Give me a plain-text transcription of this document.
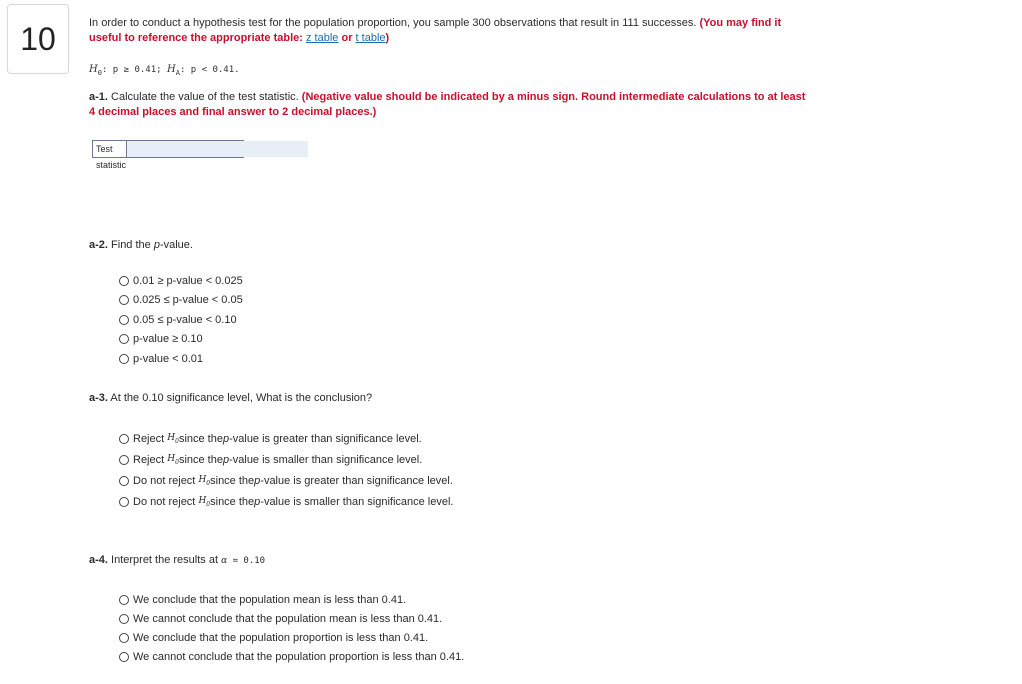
10	In order to conduct a hypothesis test for the population proportion, you sample 300 observations that result in 111 successes. (You may find it useful to reference the appropriate table: z table or t table)

$H_0$: p ≥ 0.41; $H_A$: p < 0.41.

a-1. Calculate the value of the test statistic. (Negative value should be indicated by a minus sign. Round intermediate calculations to at least 4 decimal places and final answer to 2 decimal places.)

Test statistic

a-2. Find the p-value.

0.01 ≥ p-value < 0.025
0.025 ≤ p-value < 0.05
0.05 ≤ p-value < 0.10
p-value ≥ 0.10
p-value < 0.01

a-3. At the 0.10 significance level, What is the conclusion?

Reject
$H_0$ since the p -value is greater than significance level.
Reject
$H_0$ since the p -value is smaller than significance level.
Do not reject
$H_0$ since the p -value is greater than significance level.
Do not reject
$H_0$ since the p -value is smaller than significance level.

a-4. Interpret the results at α = 0.10

We conclude that the population mean is less than 0.41.
We cannot conclude that the population mean is less than 0.41.
We conclude that the population proportion is less than 0.41.
We cannot conclude that the population proportion is less than 0.41.
